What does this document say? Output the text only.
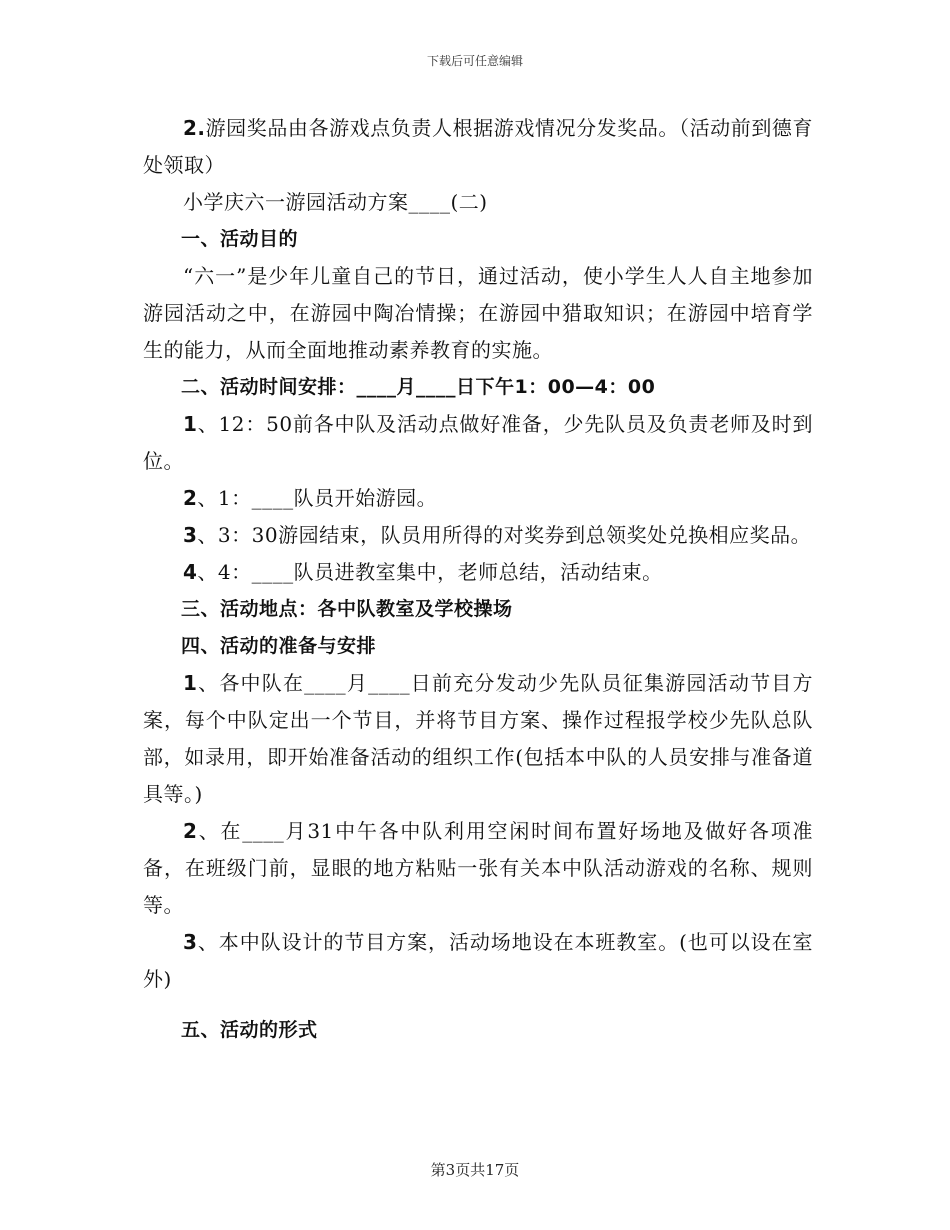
下载后可任意编辑

2.游园奖品由各游戏点负责人根据游戏情况分发奖品。（活动前到德育处领取）

小学庆六一游园活动方案____(二)

一、活动目的

“六一”是少年儿童自己的节日，通过活动，使小学生人人自主地参加游园活动之中，在游园中陶冶情操；在游园中猎取知识；在游园中培育学生的能力，从而全面地推动素养教育的实施。

二、活动时间安排：____月____日下午1：00—4：00

1、12：50前各中队及活动点做好准备，少先队员及负责老师及时到位。

2、1：____队员开始游园。

3、3：30游园结束，队员用所得的对奖券到总领奖处兑换相应奖品。

4、4：____队员进教室集中，老师总结，活动结束。

三、活动地点：各中队教室及学校操场

四、活动的准备与安排

1、各中队在____月____日前充分发动少先队员征集游园活动节目方案，每个中队定出一个节目，并将节目方案、操作过程报学校少先队总队部，如录用，即开始准备活动的组织工作(包括本中队的人员安排与准备道具等。)

2、在____月31中午各中队利用空闲时间布置好场地及做好各项准备，在班级门前，显眼的地方粘贴一张有关本中队活动游戏的名称、规则等。

3、本中队设计的节目方案，活动场地设在本班教室。(也可以设在室外)

五、活动的形式

第3页共17页
